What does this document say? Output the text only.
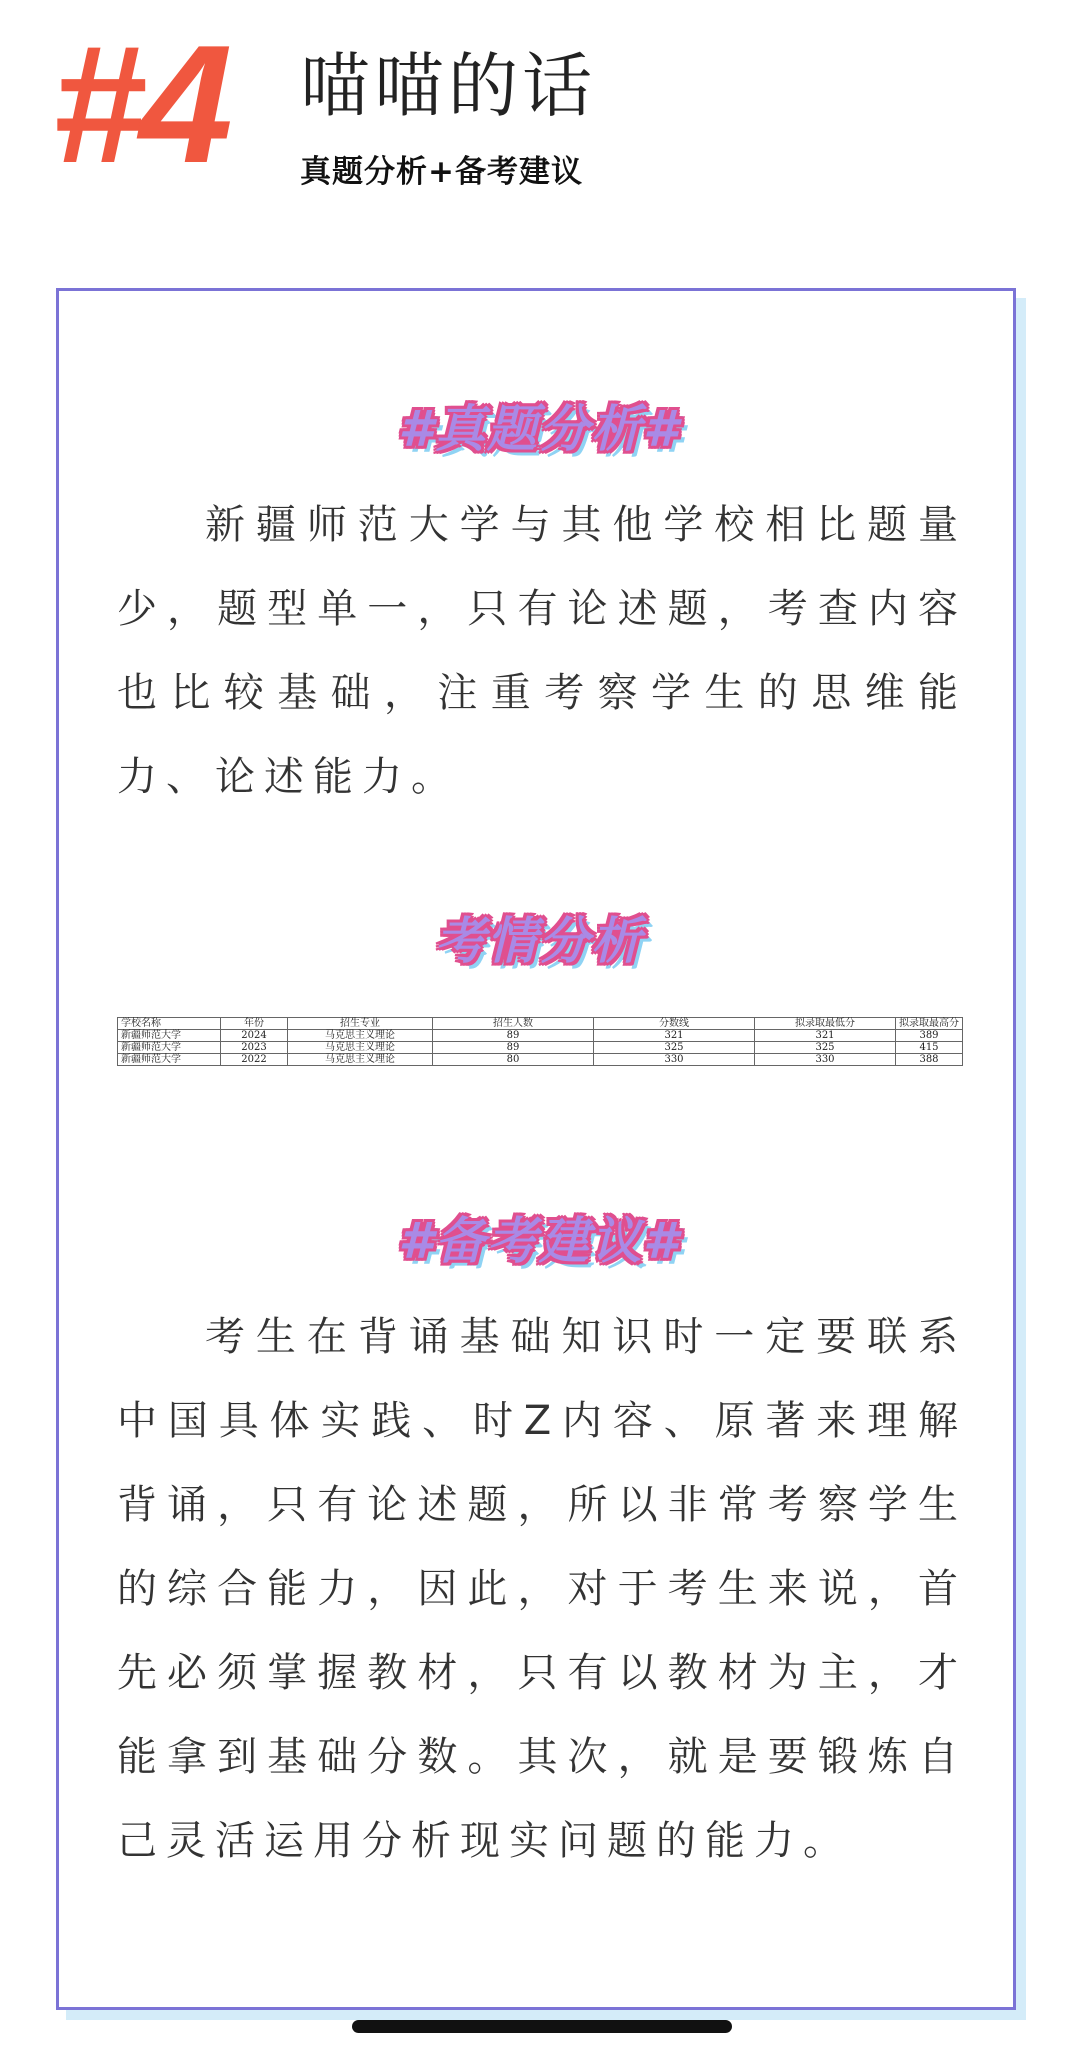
#4 喵喵的话
真题分析+备考建议
#真题分析#
新疆师范大学与其他学校相比题量少，题型单一，只有论述题，考查内容也比较基础，注重考察学生的思维能力、论述能力。
考情分析
学校名称	年份	招生专业	招生人数	分数线	拟录取最低分	拟录取最高分
新疆师范大学	2024	马克思主义理论	89	321	321	389
新疆师范大学	2023	马克思主义理论	89	325	325	415
新疆师范大学	2022	马克思主义理论	80	330	330	388
#备考建议#
考生在背诵基础知识时一定要联系中国具体实践、时Z内容、原著来理解背诵，只有论述题，所以非常考察学生的综合能力，因此，对于考生来说，首先必须掌握教材，只有以教材为主，才能拿到基础分数。其次，就是要锻炼自己灵活运用分析现实问题的能力。
